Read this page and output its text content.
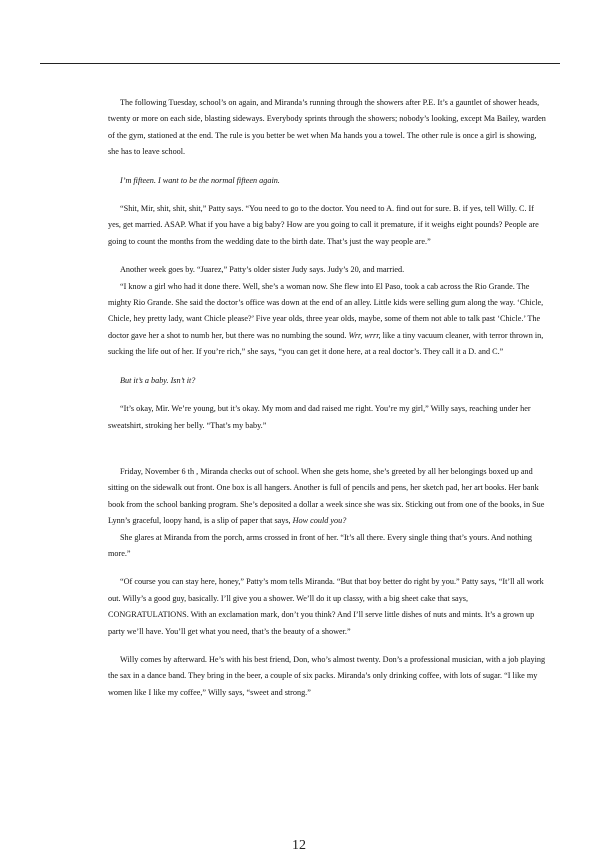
The following Tuesday, school’s on again, and Miranda’s running through the showers after P.E. It’s a gauntlet of shower heads, twenty or more on each side, blasting sideways. Everybody sprints through the showers; nobody’s looking, except Ma Bailey, warden of the gym, stationed at the end. The rule is you better be wet when Ma hands you a towel. The other rule is once a girl is showing, she has to leave school.

I’m fifteen. I want to be the normal fifteen again.

“Shit, Mir, shit, shit, shit,” Patty says. “You need to go to the doctor. You need to A. find out for sure. B. if yes, tell Willy. C. If yes, get married. ASAP. What if you have a big baby? How are you going to call it premature, if it weighs eight pounds? People are going to count the months from the wedding date to the birth date. That’s just the way people are.”

Another week goes by. “Juarez,” Patty’s older sister Judy says. Judy’s 20, and married.

“I know a girl who had it done there. Well, she’s a woman now. She flew into El Paso, took a cab across the Rio Grande. The mighty Rio Grande. She said the doctor’s office was down at the end of an alley. Little kids were selling gum along the way. ‘Chicle, Chicle, hey pretty lady, want Chicle please?’ Five year olds, three year olds, maybe, some of them not able to talk past ‘Chicle.’ The doctor gave her a shot to numb her, but there was no numbing the sound. Wrr, wrrr, like a tiny vacuum cleaner, with terror thrown in, sucking the life out of her. If you’re rich,” she says, “you can get it done here, at a real doctor’s. They call it a D. and C.”

But it’s a baby. Isn’t it?

“It’s okay, Mir. We’re young, but it’s okay. My mom and dad raised me right. You’re my girl,” Willy says, reaching under her sweatshirt, stroking her belly. “That’s my baby.”

Friday, November 6 th , Miranda checks out of school. When she gets home, she’s greeted by all her belongings boxed up and sitting on the sidewalk out front. One box is all hangers. Another is full of pencils and pens, her sketch pad, her art books. Her bank book from the school banking program. She’s deposited a dollar a week since she was six. Sticking out from one of the books, in Sue Lynn’s graceful, loopy hand, is a slip of paper that says, How could you?

She glares at Miranda from the porch, arms crossed in front of her. “It’s all there. Every single thing that’s yours. And nothing more.”

“Of course you can stay here, honey,” Patty’s mom tells Miranda. “But that boy better do right by you.” Patty says, “It’ll all work out. Willy’s a good guy, basically. I’ll give you a shower. We’ll do it up classy, with a big sheet cake that says, CONGRATULATIONS. With an exclamation mark, don’t you think? And I’ll serve little dishes of nuts and mints. It’s a grown up party we’ll have. You’ll get what you need, that’s the beauty of a shower.”

Willy comes by afterward. He’s with his best friend, Don, who’s almost twenty. Don’s a professional musician, with a job playing the sax in a dance band. They bring in the beer, a couple of six packs. Miranda’s only drinking coffee, with lots of sugar. “I like my women like I like my coffee,” Willy says, “sweet and strong.”

12
